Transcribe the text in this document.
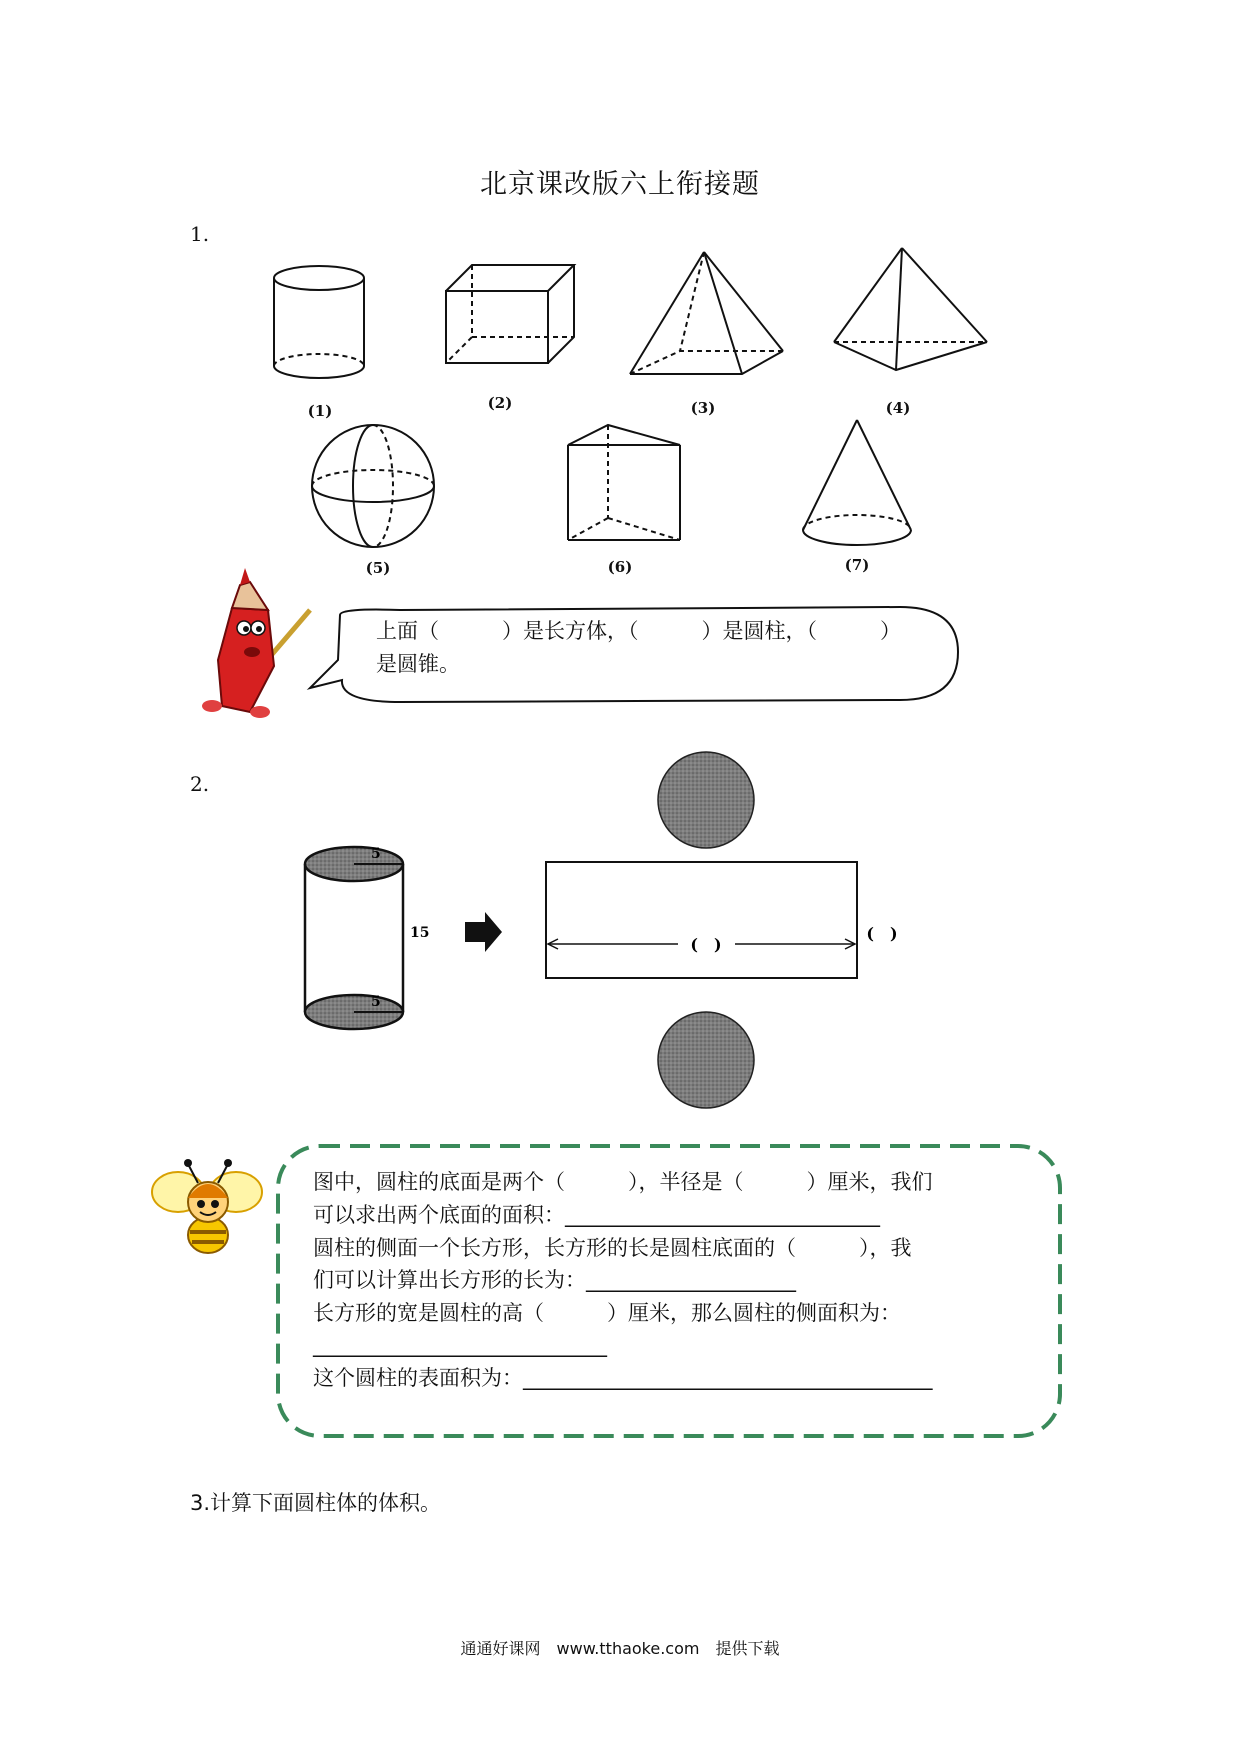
北京课改版六上衔接题
1.
(1)	(2)	(3)	(4)
(5)	(6)	(7)
上面（　　　）是长方体，（　　　）是圆柱，（　　　）
是圆锥。
2.
5
5
15
(　)
(　)
图中，圆柱的底面是两个（　　　），半径是（　　　）厘米，我们
可以求出两个底面的面积：______________________________
圆柱的侧面一个长方形，长方形的长是圆柱底面的（　　　），我
们可以计算出长方形的长为：____________________
长方形的宽是圆柱的高（　　　）厘米，那么圆柱的侧面积为：
____________________________
这个圆柱的表面积为：_______________________________________
3.计算下面圆柱体的体积。
通通好课网　www.tthaoke.com　提供下载
